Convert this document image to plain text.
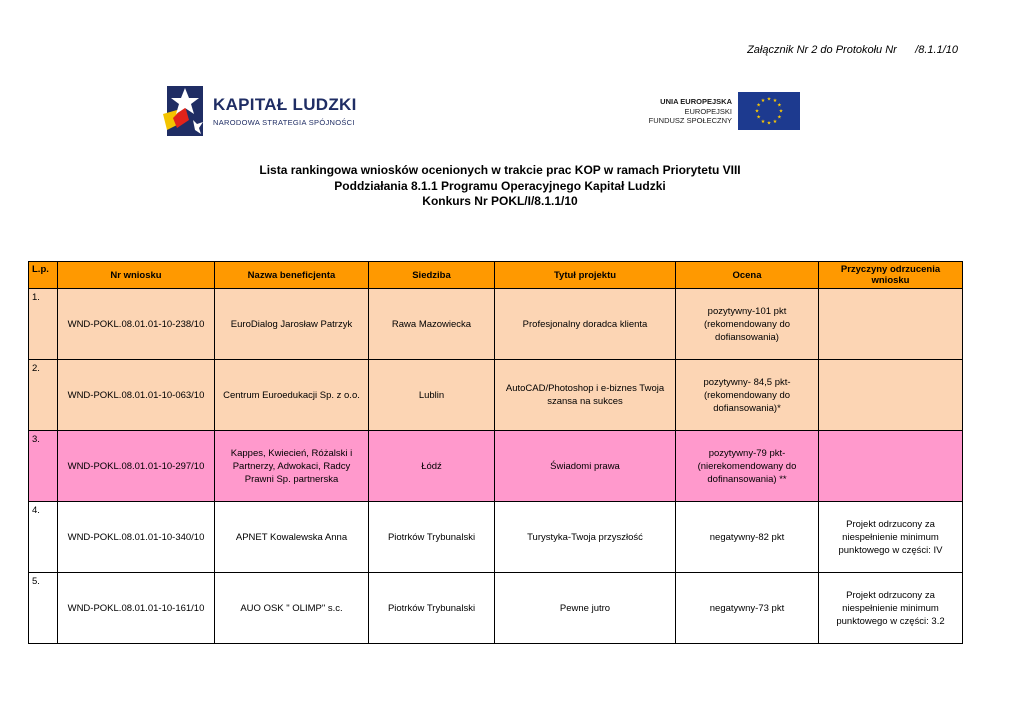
Załącznik Nr 2 do Protokołu Nr      /8.1.1/10
KAPITAŁ LUDZKI
NARODOWA STRATEGIA SPÓJNOŚCI
UNIA EUROPEJSKA
EUROPEJSKI
FUNDUSZ SPOŁECZNY
★
★
★
★
★
★
★
★
★ ★ ★
★
Lista rankingowa wniosków ocenionych w trakcie prac KOP w ramach Priorytetu VIII
Poddziałania 8.1.1 Programu Operacyjnego Kapitał Ludzki
Konkurs Nr POKL/I/8.1.1/10
L.p.	Nr wniosku	Nazwa beneficjenta	Siedziba	Tytuł projektu	Ocena	Przyczyny odrzucenia wniosku
1.	WND-POKL.08.01.01-10-238/10	EuroDialog Jarosław Patrzyk	Rawa Mazowiecka	Profesjonalny doradca klienta	pozytywny-101 pkt (rekomendowany do dofiansowania)	
2.	WND-POKL.08.01.01-10-063/10	Centrum Euroedukacji Sp. z o.o.	Lublin	AutoCAD/Photoshop i e-biznes Twoja szansa na sukces	pozytywny- 84,5 pkt- (rekomendowany do dofiansowania)*	
3.	WND-POKL.08.01.01-10-297/10	Kappes, Kwiecień, Różalski i Partnerzy, Adwokaci, Radcy Prawni Sp. partnerska	Łódź	Świadomi prawa	pozytywny-79 pkt- (nierekomendowany do dofinansowania) **	
4.	WND-POKL.08.01.01-10-340/10	APNET Kowalewska Anna	Piotrków Trybunalski	Turystyka-Twoja przyszłość	negatywny-82 pkt	Projekt odrzucony za niespełnienie minimum punktowego w części: IV
5.	WND-POKL.08.01.01-10-161/10	AUO OSK " OLIMP" s.c.	Piotrków Trybunalski	Pewne jutro	negatywny-73 pkt	Projekt odrzucony za niespełnienie minimum punktowego w części: 3.2
